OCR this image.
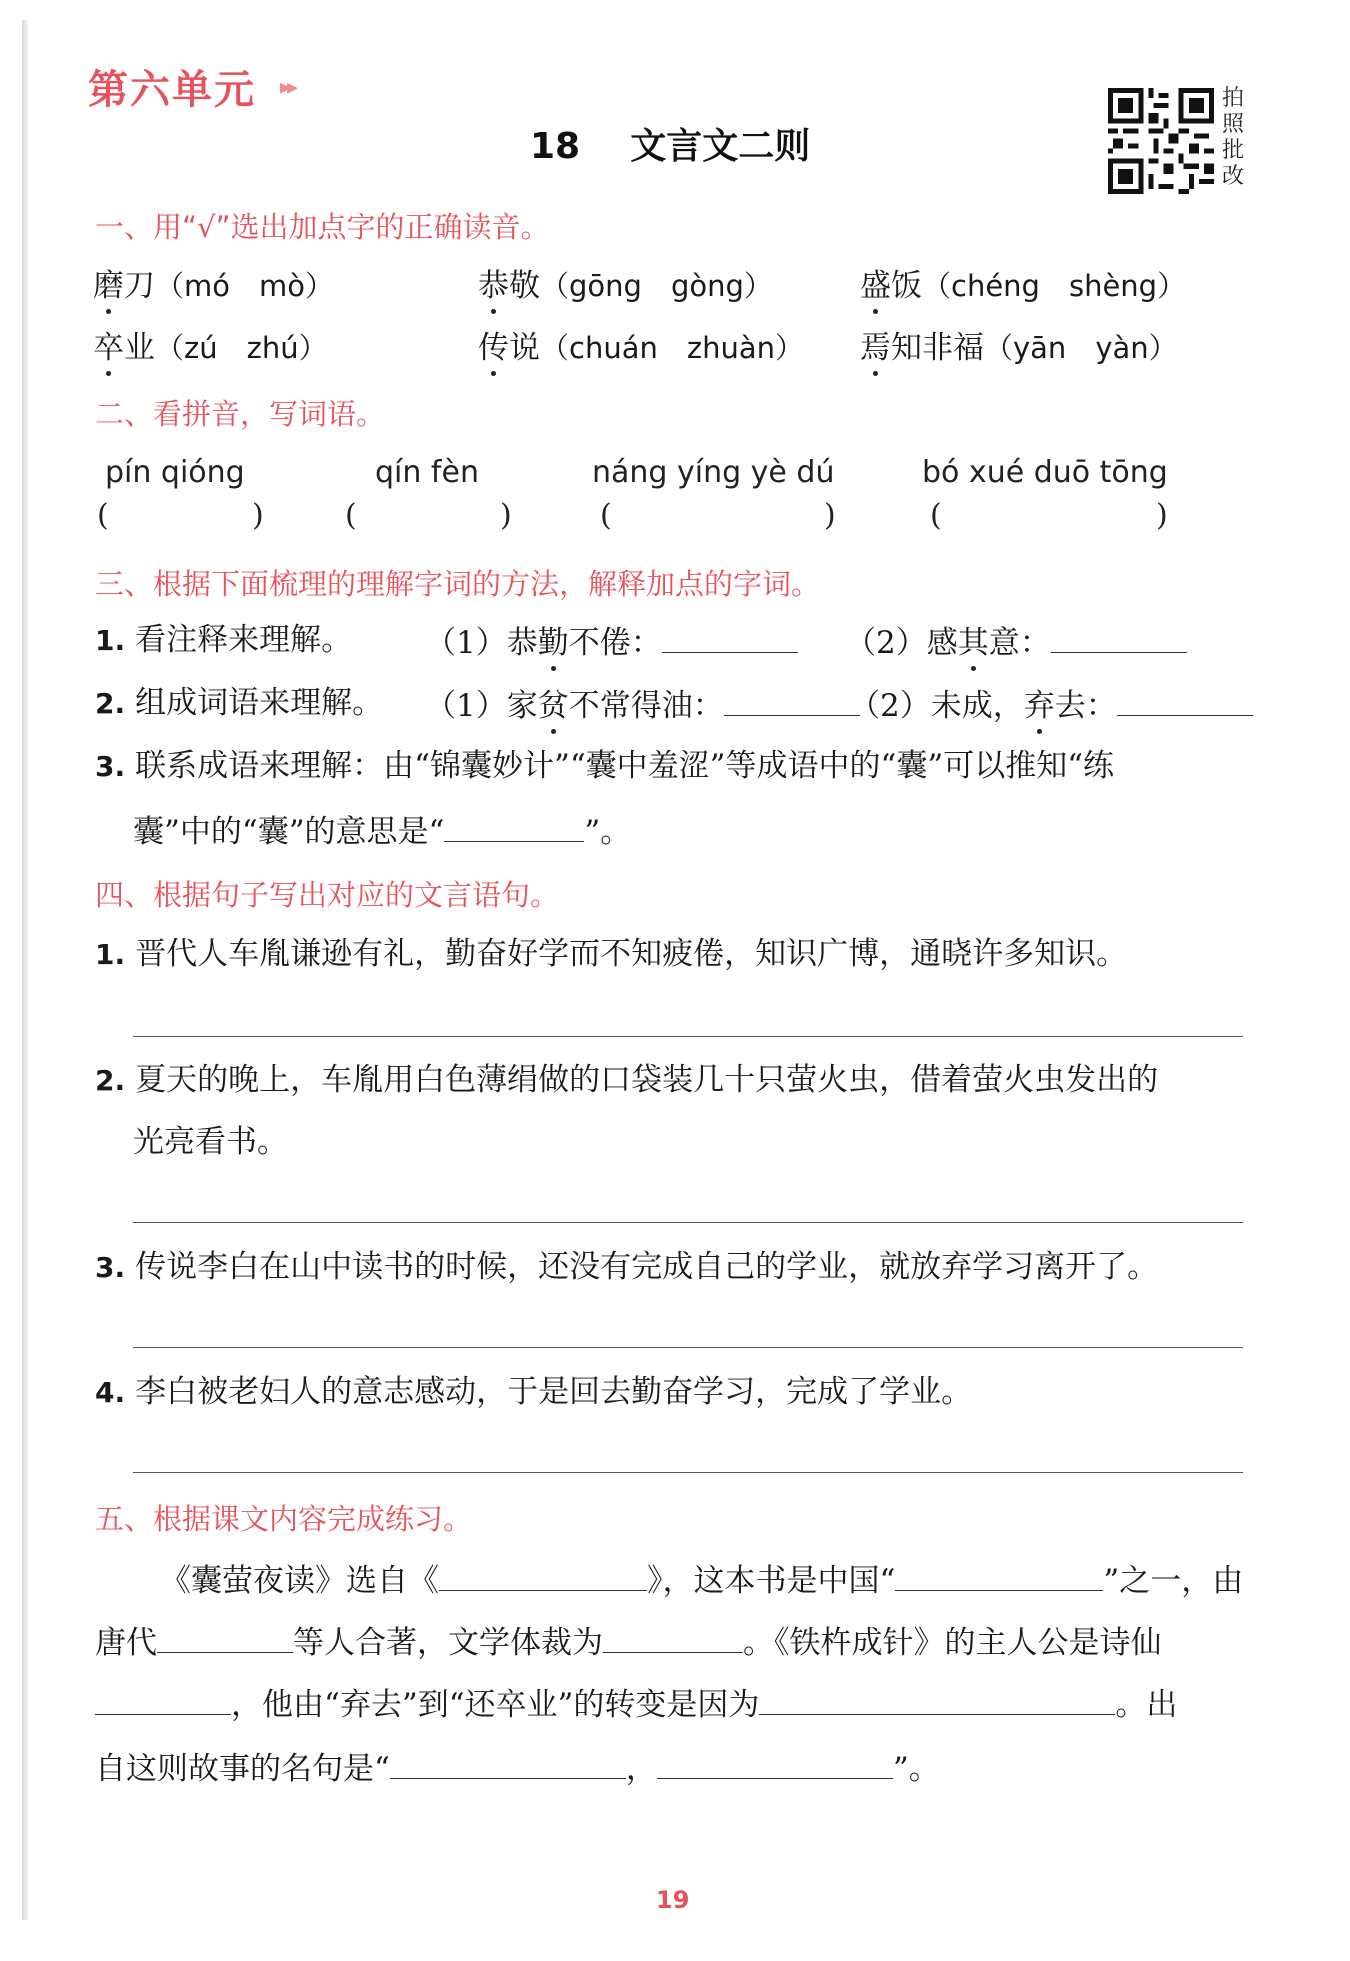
第六单元 ▸▸
18 文言文二则
拍
照
批
改
一、用“√”选出加点字的正确读音。
磨刀（mó　mò）	恭敬（gōng　gòng）	盛饭（chéng　shèng）
卒业（zú　zhú）	传说（chuán　zhuàn） 焉知非福（yān　yàn）
二、看拼音，写词语。
pín qióng	qín fèn	náng yíng yè dú	bó xué duō tōng
(	)	(	)	(	)	(	)
三、根据下面梳理的理解字词的方法，解释加点的字词。
1. 看注释来理解。 （1）恭勤不倦：	（2）感其意：
2. 组成词语来理解。 （1）家贫不常得油：	（2）未成，弃去：
3. 联系成语来理解：由“锦囊妙计”“囊中羞涩”等成语中的“囊”可以推知“练
囊”中的“囊”的意思是“	”。
四、根据句子写出对应的文言语句。
1. 晋代人车胤谦逊有礼，勤奋好学而不知疲倦，知识广博，通晓许多知识。
2. 夏天的晚上，车胤用白色薄绢做的口袋装几十只萤火虫，借着萤火虫发出的
光亮看书。
3. 传说李白在山中读书的时候，还没有完成自己的学业，就放弃学习离开了。
4. 李白被老妇人的意志感动，于是回去勤奋学习，完成了学业。
五、根据课文内容完成练习。
《囊萤夜读》选自《	》，这本书是中国“	”之一，由
唐代	等人合著，文学体裁为	。《铁杵成针》的主人公是诗仙
，他由“弃去”到“还卒业”的转变是因为	。出
自这则故事的名句是“	，	”。
19
